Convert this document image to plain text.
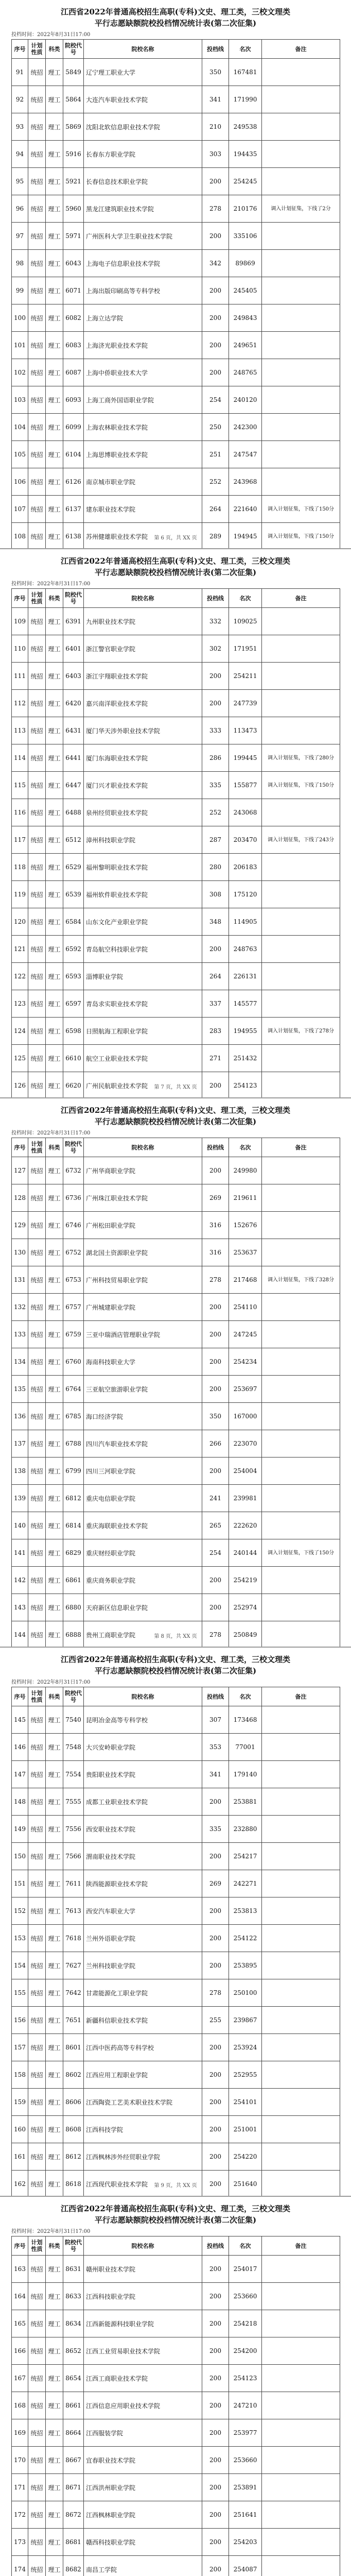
江西省2022年普通高校招生高职(专科)文史、理工类，三校文理类
平行志愿缺额院校投档情况统计表(第二次征集)
投档时间：2022年8月31日17:00
序号	计划性质	科类	院校代号	院校名称	投档线	名次	备注
91	统招	理工	5849	辽宁理工职业大学	350	167481	
92	统招	理工	5864	大连汽车职业技术学院	341	171990	
93	统招	理工	5869	沈阳北软信息职业技术学院	210	249538	
94	统招	理工	5916	长春东方职业学院	303	194435	
95	统招	理工	5921	长春信息技术职业学院	200	254245	
96	统招	理工	5960	黑龙江建筑职业技术学院	278	210176	调入计划征集，下线了2分
97	统招	理工	5971	广州医科大学卫生职业技术学院	200	335106	
98	统招	理工	6043	上海电子信息职业技术学院	342	89869	
99	统招	理工	6071	上海出版印刷高等专科学校	200	245405	
100	统招	理工	6082	上海立达学院	200	249843	
101	统招	理工	6083	上海济光职业技术学院	200	249651	
102	统招	理工	6087	上海中侨职业技术大学	200	248765	
103	统招	理工	6093	上海工商外国语职业学院	254	240120	
104	统招	理工	6099	上海农林职业技术学院	250	242300	
105	统招	理工	6104	上海思博职业技术学院	251	247547	
106	统招	理工	6126	南京城市职业学院	252	243968	
107	统招	理工	6137	建东职业技术学院	264	221640	调入计划征集，下线了150分
108	统招	理工	6138	苏州健雄职业技术学院	289	194945	调入计划征集，下线了150分
第 6 页，共 XX 页
江西省2022年普通高校招生高职(专科)文史、理工类，三校文理类
平行志愿缺额院校投档情况统计表(第二次征集)
投档时间：2022年8月31日17:00
序号	计划性质	科类	院校代号	院校名称	投档线	名次	备注
109	统招	理工	6391	九州职业技术学院	332	109025	
110	统招	理工	6401	浙江警官职业学院	302	171951	
111	统招	理工	6403	浙江宇翔职业技术学院	200	254211	
112	统招	理工	6420	嘉兴南洋职业技术学院	200	247739	
113	统招	理工	6431	厦门华天涉外职业技术学院	333	113473	
114	统招	理工	6441	厦门东海职业技术学院	286	199445	调入计划征集，下线了280分
115	统招	理工	6447	厦门兴才职业技术学院	335	155877	调入计划征集，下线了150分
116	统招	理工	6488	泉州经贸职业技术学院	252	243068	
117	统招	理工	6512	漳州科技职业学院	287	203470	调入计划征集，下线了243分
118	统招	理工	6529	福州黎明职业技术学院	280	206183	
119	统招	理工	6539	福州软件职业技术学院	308	175120	
120	统招	理工	6584	山东文化产业职业学院	348	114905	
121	统招	理工	6592	青岛航空科技职业学院	200	248763	
122	统招	理工	6593	淄博职业学院	264	226131	
123	统招	理工	6597	青岛求实职业技术学院	337	145577	
124	统招	理工	6598	日照航海工程职业学院	283	194955	调入计划征集，下线了278分
125	统招	理工	6610	航空工业职业技术学院	271	251432	
126	统招	理工	6620	广州民航职业技术学院	200	254123	
第 7 页，共 XX 页
江西省2022年普通高校招生高职(专科)文史、理工类，三校文理类
平行志愿缺额院校投档情况统计表(第二次征集)
投档时间：2022年8月31日17:00
序号	计划性质	科类	院校代号	院校名称	投档线	名次	备注
127	统招	理工	6732	广州华商职业学院	200	249980	
128	统招	理工	6736	广州珠江职业技术学院	269	219611	
129	统招	理工	6746	广州松田职业学院	316	152676	
130	统招	理工	6752	湖北国土资源职业学院	316	253637	
131	统招	理工	6753	广州科技贸易职业学院	278	217468	调入计划征集，下线了328分
132	统招	理工	6757	广州城建职业学院	200	254110	
133	统招	理工	6759	三亚中瑞酒店管理职业学院	200	247245	
134	统招	理工	6760	海南科技职业大学	200	254234	
135	统招	理工	6764	三亚航空旅游职业学院	200	253697	
136	统招	理工	6785	海口经济学院	350	167000	
137	统招	理工	6788	四川汽车职业技术学院	266	223070	
138	统招	理工	6799	四川三河职业学院	200	254004	
139	统招	理工	6812	重庆电信职业学院	241	239981	
140	统招	理工	6814	重庆海联职业技术学院	265	222620	
141	统招	理工	6829	重庆财经职业学院	254	240144	调入计划征集，下线了150分
142	统招	理工	6861	重庆商务职业学院	200	254219	
143	统招	理工	6880	天府新区信息职业学院	200	252974	
144	统招	理工	6888	贵州工商职业学院	278	250849	
第 8 页，共 XX 页
江西省2022年普通高校招生高职(专科)文史、理工类，三校文理类
平行志愿缺额院校投档情况统计表(第二次征集)
投档时间：2022年8月31日17:00
序号	计划性质	科类	院校代号	院校名称	投档线	名次	备注
145	统招	理工	7540	昆明冶金高等专科学校	307	173468	
146	统招	理工	7548	大兴安岭职业学院	353	77001	
147	统招	理工	7554	贵阳职业技术学院	341	179140	
148	统招	理工	7555	成都工业职业技术学院	200	253881	
149	统招	理工	7556	西安职业技术学院	335	232880	
150	统招	理工	7566	渭南职业技术学院	200	254217	
151	统招	理工	7611	陕西能源职业技术学院	269	242271	
152	统招	理工	7613	西安汽车职业大学	200	253813	
153	统招	理工	7618	兰州外语职业学院	200	254122	
154	统招	理工	7627	兰州科技职业学院	200	253895	
155	统招	理工	7642	甘肃能源化工职业学院	278	250100	
156	统招	理工	7651	新疆科信职业技术学院	255	239867	
157	统招	理工	8601	江西中医药高等专科学校	200	253924	
158	统招	理工	8602	江西应用工程职业学院	200	252955	
159	统招	理工	8606	江西陶瓷工艺美术职业技术学院	200	254101	
160	统招	理工	8608	江西科技学院	200	251001	
161	统招	理工	8612	江西枫林涉外经贸职业学院	200	254220	
162	统招	理工	8618	江西现代职业技术学院	200	251640	
第 9 页，共 XX 页
江西省2022年普通高校招生高职(专科)文史、理工类，三校文理类
平行志愿缺额院校投档情况统计表(第二次征集)
投档时间：2022年8月31日17:00
序号	计划性质	科类	院校代号	院校名称	投档线	名次	备注
163	统招	理工	8631	赣州职业技术学院	200	254017	
164	统招	理工	8633	江西科技职业学院	200	253660	
165	统招	理工	8634	江西新能源科技职业学院	200	254218	
166	统招	理工	8652	江西工业贸易职业技术学院	200	254200	
167	统招	理工	8654	江西工商职业技术学院	200	254123	
168	统招	理工	8661	江西信息应用职业技术学院	200	247210	
169	统招	理工	8664	江西服装学院	200	253977	
170	统招	理工	8667	宜春职业技术学院	200	253660	
171	统招	理工	8671	江西洪州职业学院	200	253891	
172	统招	理工	8672	江西枫林职业学院	200	251641	
173	统招	理工	8681	赣西科技职业学院	200	254203	
174	统招	理工	8682	南昌工学院	200	254087	
